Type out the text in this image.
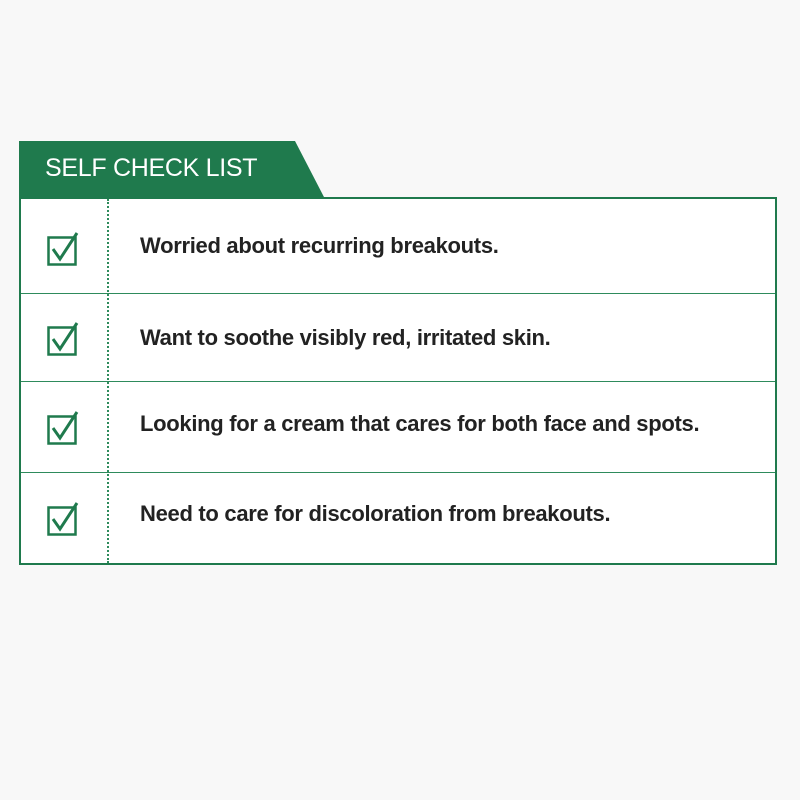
SELF CHECK LIST
Worried about recurring breakouts.
Want to soothe visibly red, irritated skin.
Looking for a cream that cares for both face and spots.
Need to care for discoloration from breakouts.
